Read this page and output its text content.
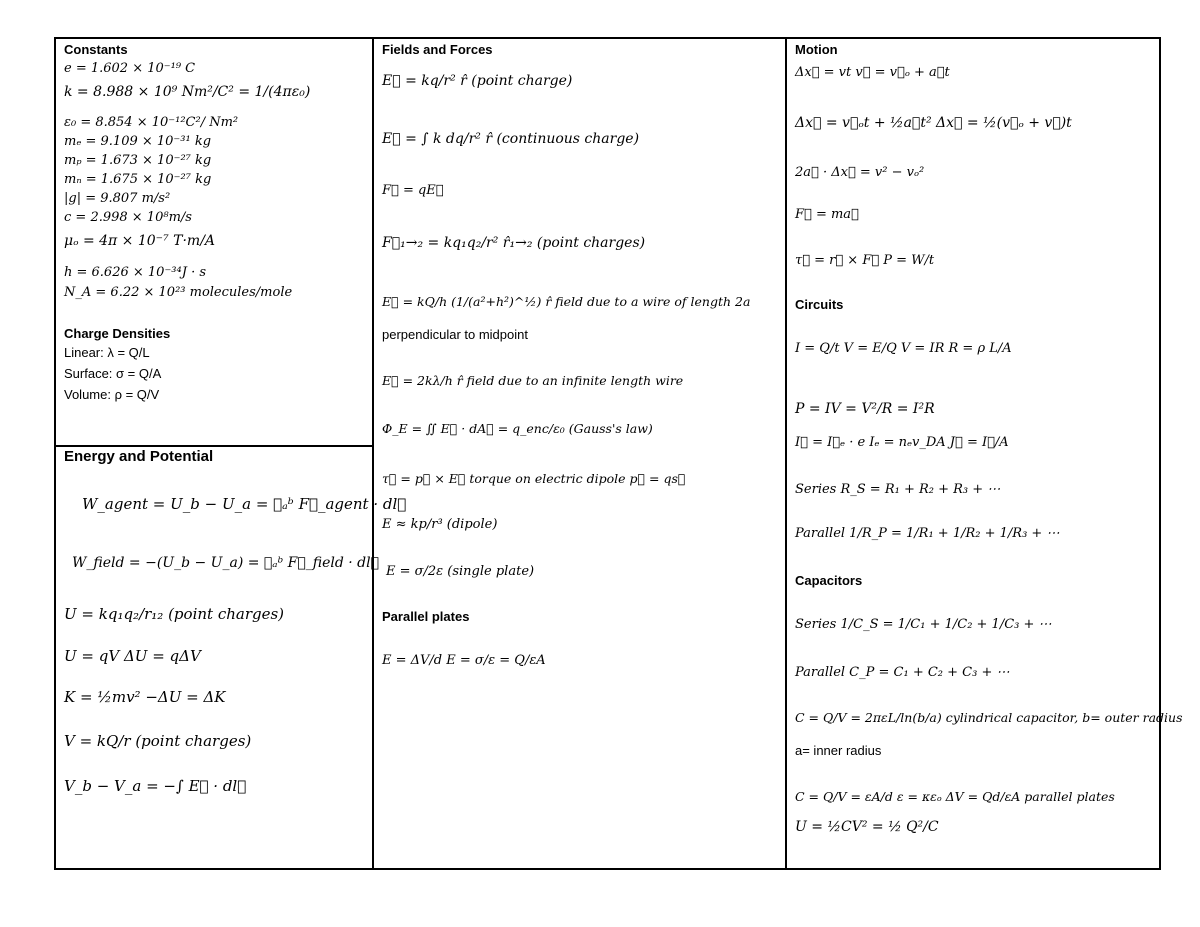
Constants
e = 1.602 × 10⁻¹⁹ C
k = 8.988 × 10⁹ Nm²/C² = 1/(4πε₀)
ε₀ = 8.854 × 10⁻¹²C²/ Nm²
mₑ = 9.109 × 10⁻³¹ kg
mₚ = 1.673 × 10⁻²⁷ kg
mₙ = 1.675 × 10⁻²⁷ kg
|g| = 9.807 m/s²
c = 2.998 × 10⁸m/s
μₒ = 4π × 10⁻⁷ T·m/A
h = 6.626 × 10⁻³⁴J · s
N_A = 6.22 × 10²³ molecules/mole
Charge Densities
Linear: λ = Q/L
Surface: σ = Q/A
Volume: ρ = Q/V
Energy and Potential
W_agent = U_b − U_a = ∮ₐᵇ F⃗_agent · dl⃗
W_field = −(U_b − U_a) = ∮ₐᵇ F⃗_field · dl⃗
U = kq₁q₂/r₁₂ (point charges)
U = qV ΔU = qΔV
K = ½mv² −ΔU = ΔK
V = kQ/r (point charges)
V_b − V_a = −∫ E⃗ · dl⃗
Fields and Forces
E⃗ = kq/r² r̂ (point charge)
E⃗ = ∫ k dq/r² r̂ (continuous charge)
F⃗ = qE⃗
F⃗₁→₂ = kq₁q₂/r² r̂₁→₂ (point charges)
E⃗ = kQ/h (1/(a²+h²)^½) r̂ field due to a wire of length 2a
perpendicular to midpoint
E⃗ = 2kλ/h r̂ field due to an infinite length wire
Φ_E = ∬ E⃗ · dA⃗ = q_enc/ε₀ (Gauss's law)
τ⃗ = p⃗ × E⃗ torque on electric dipole p⃗ = qs⃗
E ≈ kp/r³ (dipole)
E = σ/2ε (single plate)
Parallel plates
E = ΔV/d E = σ/ε = Q/εA
Motion
Δx⃗ = vt v⃗ = v⃗ₒ + a⃗t
Δx⃗ = v⃗ₒt + ½a⃗t² Δx⃗ = ½(v⃗ₒ + v⃗)t
2a⃗ · Δx⃗ = v² − vₒ²
F⃗ = ma⃗
τ⃗ = r⃗ × F⃗ P = W/t
Circuits
I = Q/t V = E/Q V = IR R = ρ L/A
P = IV = V²/R = I²R
I⃗ = I⃗ₑ · e Iₑ = nₑv_DA J⃗ = I⃗/A
Series R_S = R₁ + R₂ + R₃ + ⋯
Parallel 1/R_P = 1/R₁ + 1/R₂ + 1/R₃ + ⋯
Capacitors
Series 1/C_S = 1/C₁ + 1/C₂ + 1/C₃ + ⋯
Parallel C_P = C₁ + C₂ + C₃ + ⋯
C = Q/V = 2πεL/ln(b/a) cylindrical capacitor, b= outer radius
a= inner radius
C = Q/V = εA/d ε = κεₒ ΔV = Qd/εA parallel plates
U = ½CV² = ½ Q²/C
